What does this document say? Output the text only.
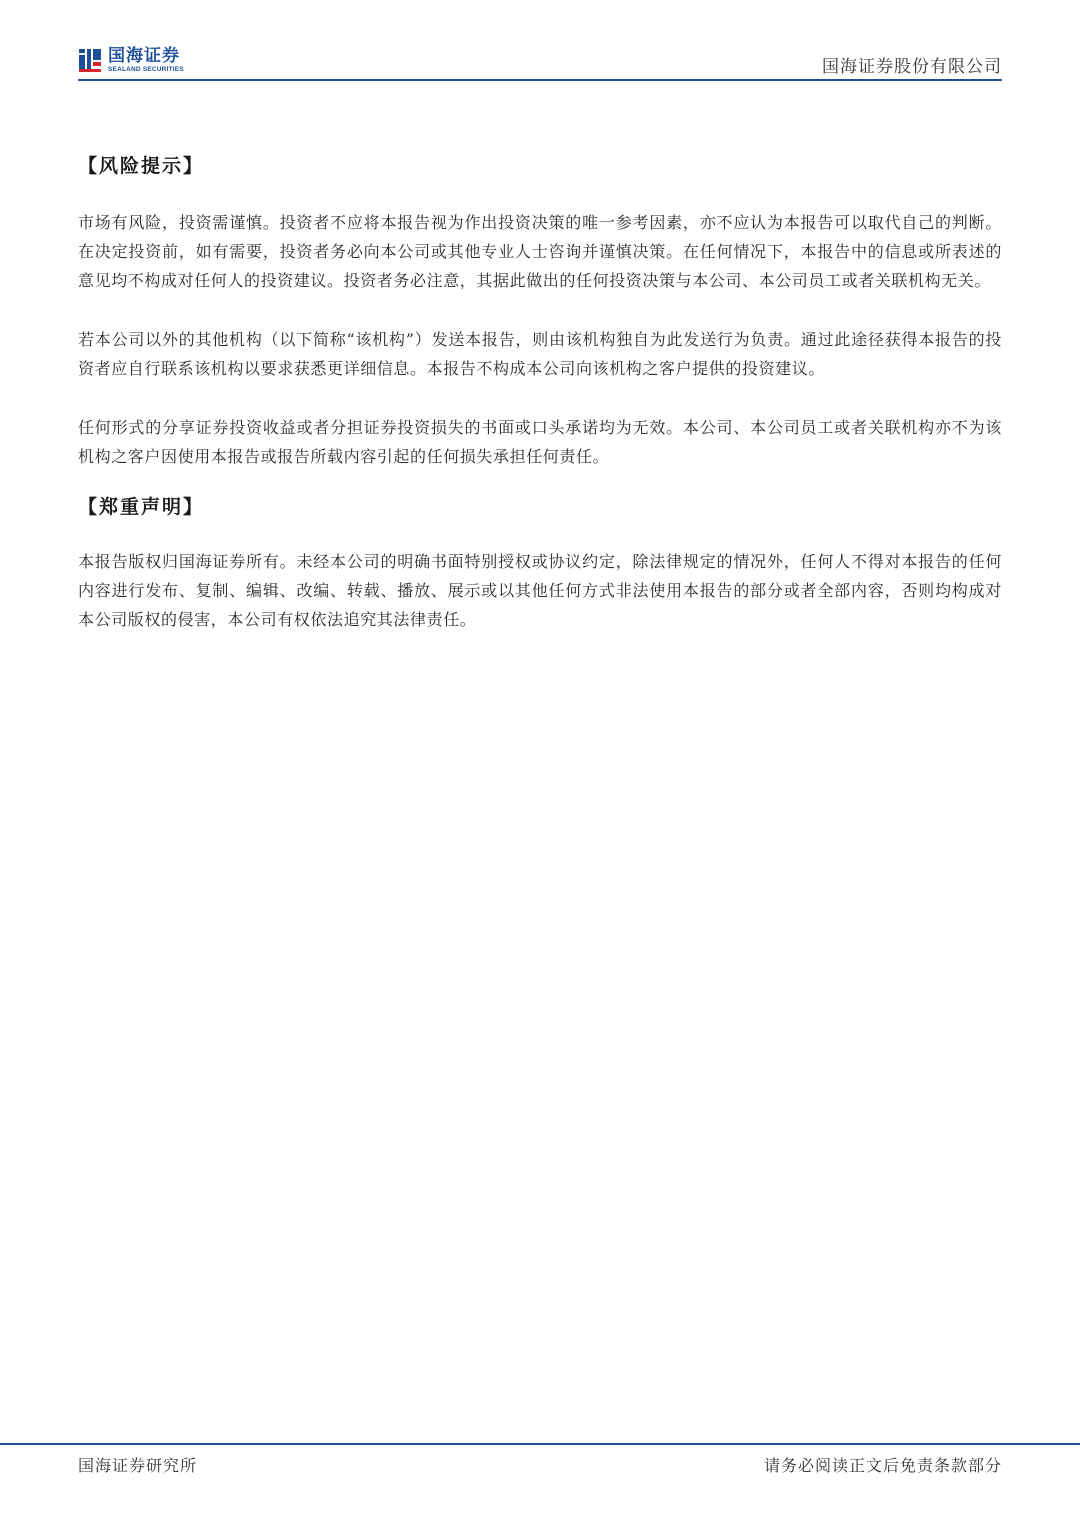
国海证券
SEALAND SECURITIES	国海证券股份有限公司
【风险提示】

市场有风险，投资需谨慎。投资者不应将本报告视为作出投资决策的唯一参考因素，亦不应认为本报告可以取代自己的判断。在决定投资前，如有需要，投资者务必向本公司或其他专业人士咨询并谨慎决策。在任何情况下，本报告中的信息或所表述的意见均不构成对任何人的投资建议。投资者务必注意，其据此做出的任何投资决策与本公司、本公司员工或者关联机构无关。

若本公司以外的其他机构（以下简称“该机构”）发送本报告，则由该机构独自为此发送行为负责。通过此途径获得本报告的投资者应自行联系该机构以要求获悉更详细信息。本报告不构成本公司向该机构之客户提供的投资建议。

任何形式的分享证券投资收益或者分担证券投资损失的书面或口头承诺均为无效。本公司、本公司员工或者关联机构亦不为该机构之客户因使用本报告或报告所载内容引起的任何损失承担任何责任。

【郑重声明】

本报告版权归国海证券所有。未经本公司的明确书面特别授权或协议约定，除法律规定的情况外，任何人不得对本报告的任何内容进行发布、复制、编辑、改编、转载、播放、展示或以其他任何方式非法使用本报告的部分或者全部内容，否则均构成对本公司版权的侵害，本公司有权依法追究其法律责任。

国海证券研究所	请务必阅读正文后免责条款部分
